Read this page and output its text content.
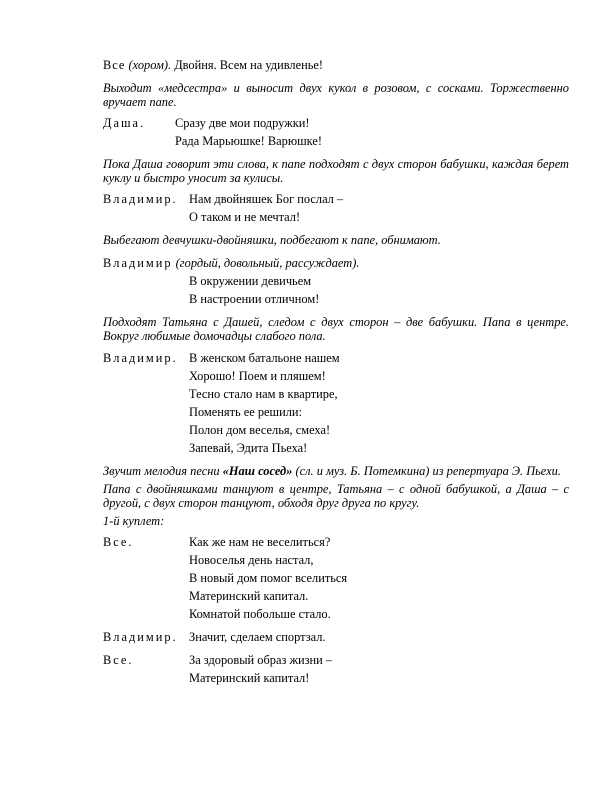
Все
(хором).
Двойня. Всем на удивленье!

Выходит «медсестра» и выносит двух кукол в розовом, с сосками. Торжественно вручает папе.

Даша.	Сразу две мои подружки!
Рада Марьюшке! Варюшке!

Пока Даша говорит эти слова, к папе подходят с двух сторон бабушки, каждая берет куклу и быстро уносит за кулисы.

Владимир. Нам двойняшек Бог послал –
О таком и не мечтал!

Выбегают девчушки-двойняшки, подбегают к папе, обнимают.

Владимир
(гордый, довольный, рассуждает).
В окружении девичьем
В настроении отличном!

Подходят Татьяна с Дашей, следом с двух сторон – две бабушки. Папа в центре. Вокруг любимые домочадцы слабого пола.

Владимир. В женском батальоне нашем
Хорошо! Поем и пляшем!
Тесно стало нам в квартире,
Поменять ее решили:
Полон дом веселья, смеха!
Запевай, Эдита Пьеха!

Звучит мелодия песни «Наш сосед» (сл. и муз. Б. Потемкина) из репертуара Э. Пьехи.

Папа с двойняшками танцуют в центре, Татьяна – с одной бабушкой, а Даша – с другой, с двух сторон танцуют, обходя друг друга по кругу.

1-й куплет:

Все.	Как же нам не веселиться?
Новоселья день настал,
В новый дом помог вселиться
Материнский капитал.
Комнатой побольше стало.
Владимир. Значит, сделаем спортзал.
Все.	За здоровый образ жизни –
Материнский капитал!
